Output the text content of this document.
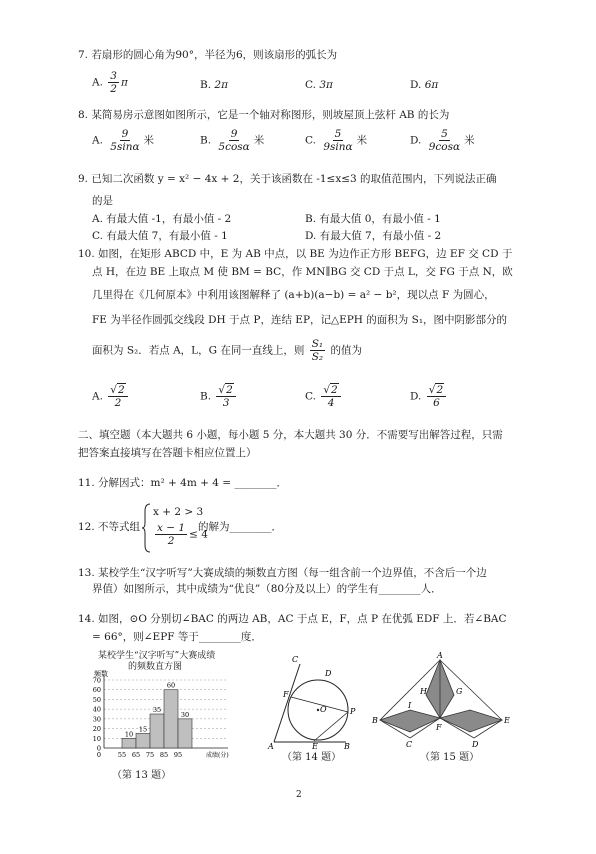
7. 若扇形的圆心角为90°，半径为6，则该扇形的弧长为
A. $\frac{3}{2}$ π	B. 2π	C. 3π	D. 6π
8. 某简易房示意图如图所示，它是一个轴对称图形，则坡屋顶上弦杆 AB 的长为
A. $\frac{9}{5\sin\alpha}$ 米	B. $\frac{9}{5\cos\alpha}$ 米	C. $\frac{5}{9\sin\alpha}$ 米	D. $\frac{5}{9\cos\alpha}$ 米
9. 已知二次函数 y = x² − 4x + 2，关于该函数在 -1≤x≤3 的取值范围内，下列说法正确
的是
A. 有最大值 -1，有最小值 - 2	B. 有最大值 0，有最小值 - 1
C. 有最大值 7，有最小值 - 1	D. 有最大值 7，有最小值 - 2
10. 如图，在矩形 ABCD 中，E 为 AB 中点，以 BE 为边作正方形 BEFG，边 EF 交 CD 于
点 H，在边 BE 上取点 M 使 BM = BC，作 MN∥BG 交 CD 于点 L，交 FG 于点 N，欧
几里得在《几何原本》中利用该图解释了 (a+b)(a−b) = a² − b²，现以点 F 为圆心，
FE 为半径作圆弧交线段 DH 于点 P，连结 EP，记△EPH 的面积为 S₁，图中阴影部分的
面积为 S₂．若点 A，L，G 在同一直线上，则 $\frac{\text{S₁}}{\text{S₂}}$ 的值为
A. $\frac{√2}{2}$	B. $\frac{√2}{3}$	C. $\frac{√2}{4}$	D. $\frac{√2}{6}$
二、填空题（本大题共 6 小题，每小题 5 分，本大题共 30 分．不需要写出解答过程，只需
把答案直接填写在答题卡相应位置上）
11. 分解因式：m² + 4m + 4 = ________．
12. 不等式组
x + 2 > 3
$\frac{x - 1}{2} \le 4$
的解为________．
13. 某校学生“汉字听写”大赛成绩的频数直方图（每一组含前一个边界值，不含后一个边
界值）如图所示，其中成绩为“优良”（80分及以上）的学生有________人．
14. 如图，⊙O 分别切∠BAC 的两边 AB，AC 于点 E，F，点 P 在优弧 EDF 上．若∠BAC
= 66°，则∠EPF 等于________度．
某校学生“汉字听写”大赛成绩
的频数直方图
频数
0
10
20
30
40
50
60
70
10
15
35
60
30
55 65 75 85 95
0	成绩(分)
（第 13 题）
C
D
F
O	P
A	E	B
（第 14 题）
A
H	G
B
I
F
E
C	D
（第 15 题）
2
